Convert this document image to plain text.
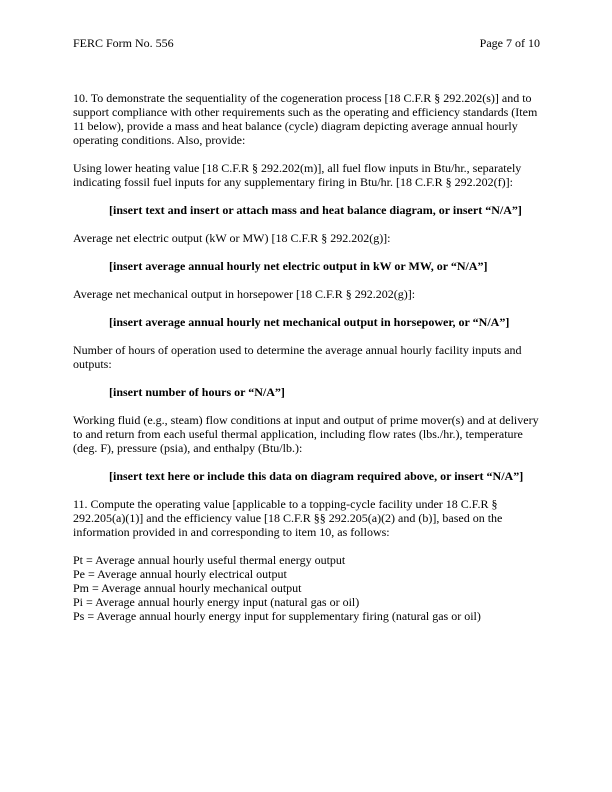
FERC Form No. 556	Page 7 of 10

10. To demonstrate the sequentiality of the cogeneration process [18 C.F.R § 292.202(s)] and to support compliance with other requirements such as the operating and efficiency standards (Item 11 below), provide a mass and heat balance (cycle) diagram depicting average annual hourly operating conditions. Also, provide:

Using lower heating value [18 C.F.R § 292.202(m)], all fuel flow inputs in Btu/hr., separately indicating fossil fuel inputs for any supplementary firing in Btu/hr. [18 C.F.R § 292.202(f)]:

[insert text and insert or attach mass and heat balance diagram, or insert “N/A”]

Average net electric output (kW or MW) [18 C.F.R § 292.202(g)]:

[insert average annual hourly net electric output in kW or MW, or “N/A”]

Average net mechanical output in horsepower [18 C.F.R § 292.202(g)]:

[insert average annual hourly net mechanical output in horsepower, or “N/A”]

Number of hours of operation used to determine the average annual hourly facility inputs and outputs:

[insert number of hours or “N/A”]

Working fluid (e.g., steam) flow conditions at input and output of prime mover(s) and at delivery to and return from each useful thermal application, including flow rates (lbs./hr.), temperature (deg. F), pressure (psia), and enthalpy (Btu/lb.):

[insert text here or include this data on diagram required above, or insert “N/A”]

11. Compute the operating value [applicable to a topping-cycle facility under 18 C.F.R § 292.205(a)(1)] and the efficiency value [18 C.F.R §§ 292.205(a)(2) and (b)], based on the information provided in and corresponding to item 10, as follows:

Pt = Average annual hourly useful thermal energy output
Pe = Average annual hourly electrical output
Pm = Average annual hourly mechanical output
Pi = Average annual hourly energy input (natural gas or oil)
Ps = Average annual hourly energy input for supplementary firing (natural gas or oil)
